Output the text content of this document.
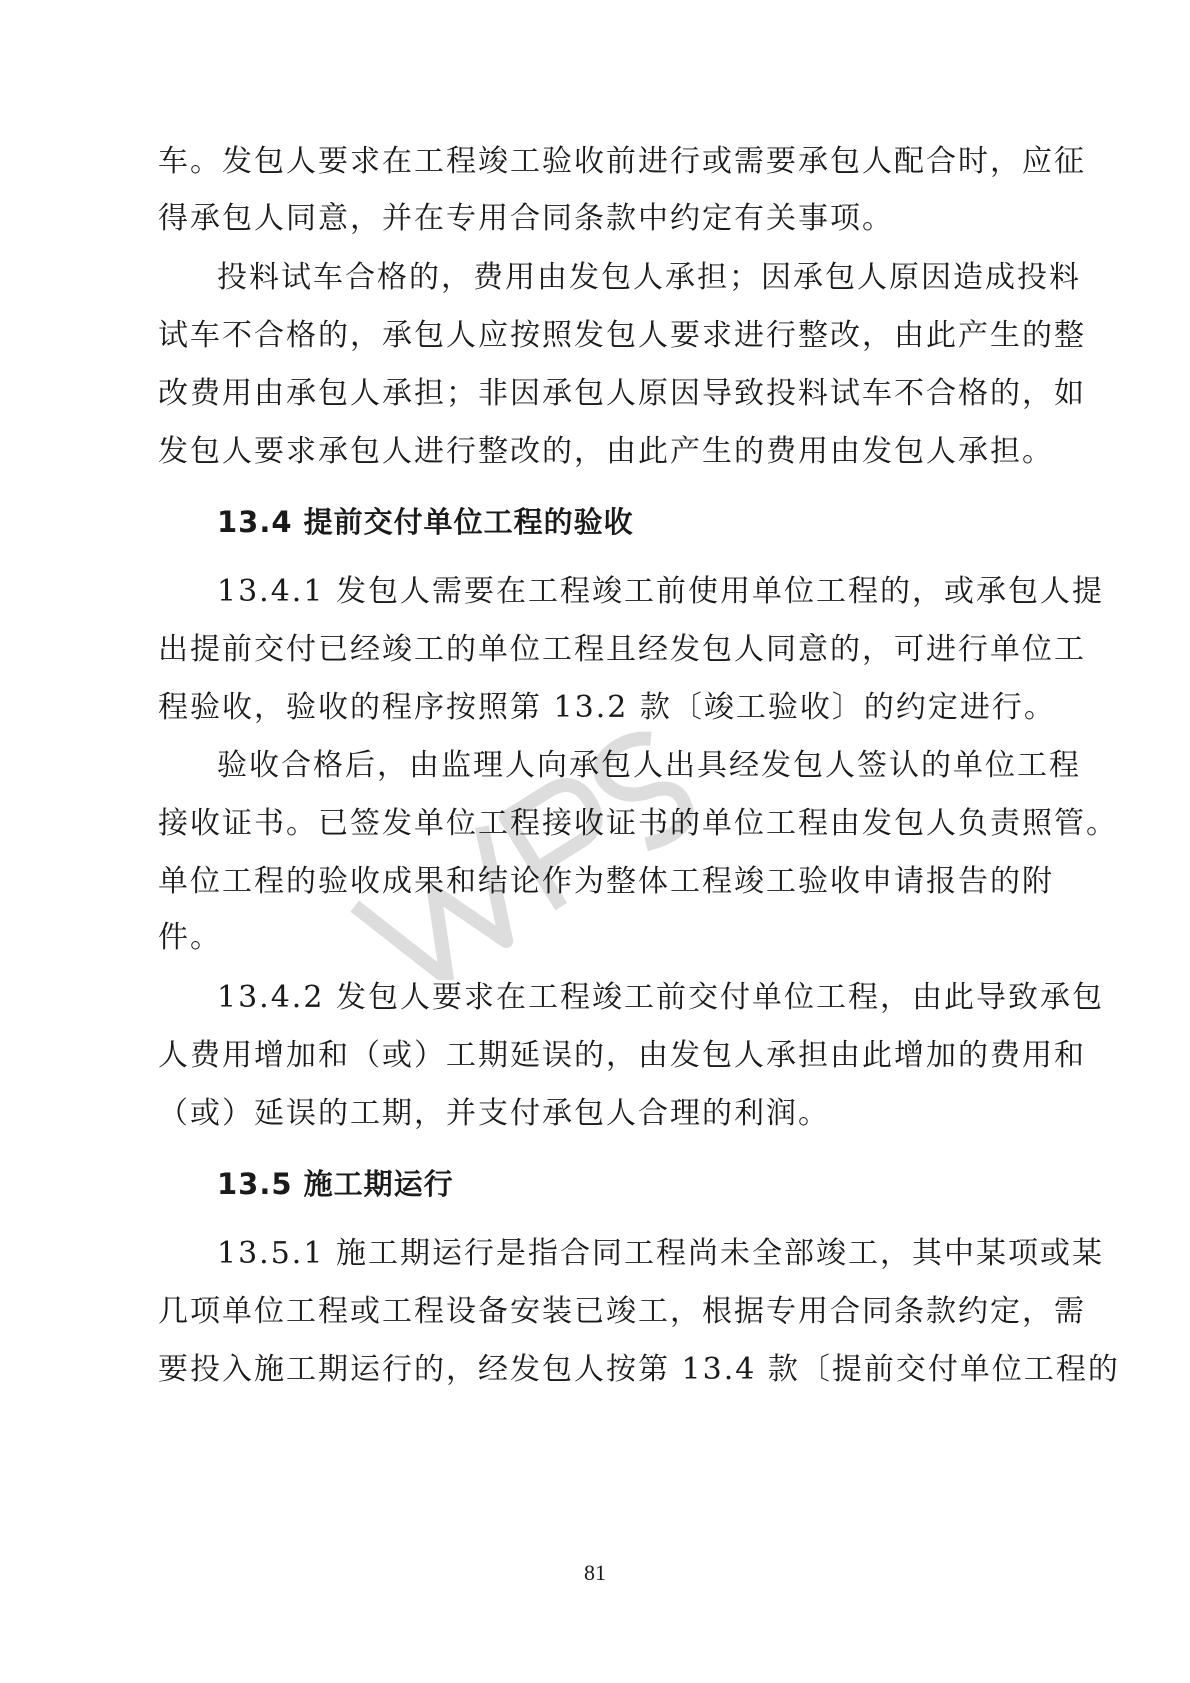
车。发包人要求在工程竣工验收前进行或需要承包人配合时，应征
得承包人同意，并在专用合同条款中约定有关事项。
投料试车合格的，费用由发包人承担；因承包人原因造成投料
试车不合格的，承包人应按照发包人要求进行整改，由此产生的整
改费用由承包人承担；非因承包人原因导致投料试车不合格的，如
发包人要求承包人进行整改的，由此产生的费用由发包人承担。
13.4 提前交付单位工程的验收
13.4.1 发包人需要在工程竣工前使用单位工程的，或承包人提
出提前交付已经竣工的单位工程且经发包人同意的，可进行单位工
程验收，验收的程序按照第 13.2 款〔竣工验收〕的约定进行。
验收合格后，由监理人向承包人出具经发包人签认的单位工程
接收证书。已签发单位工程接收证书的单位工程由发包人负责照管。
单位工程的验收成果和结论作为整体工程竣工验收申请报告的附
件。
13.4.2 发包人要求在工程竣工前交付单位工程，由此导致承包
人费用增加和（或）工期延误的，由发包人承担由此增加的费用和
（或）延误的工期，并支付承包人合理的利润。
13.5 施工期运行
13.5.1 施工期运行是指合同工程尚未全部竣工，其中某项或某
几项单位工程或工程设备安装已竣工，根据专用合同条款约定，需
要投入施工期运行的，经发包人按第 13.4 款〔提前交付单位工程的
81
